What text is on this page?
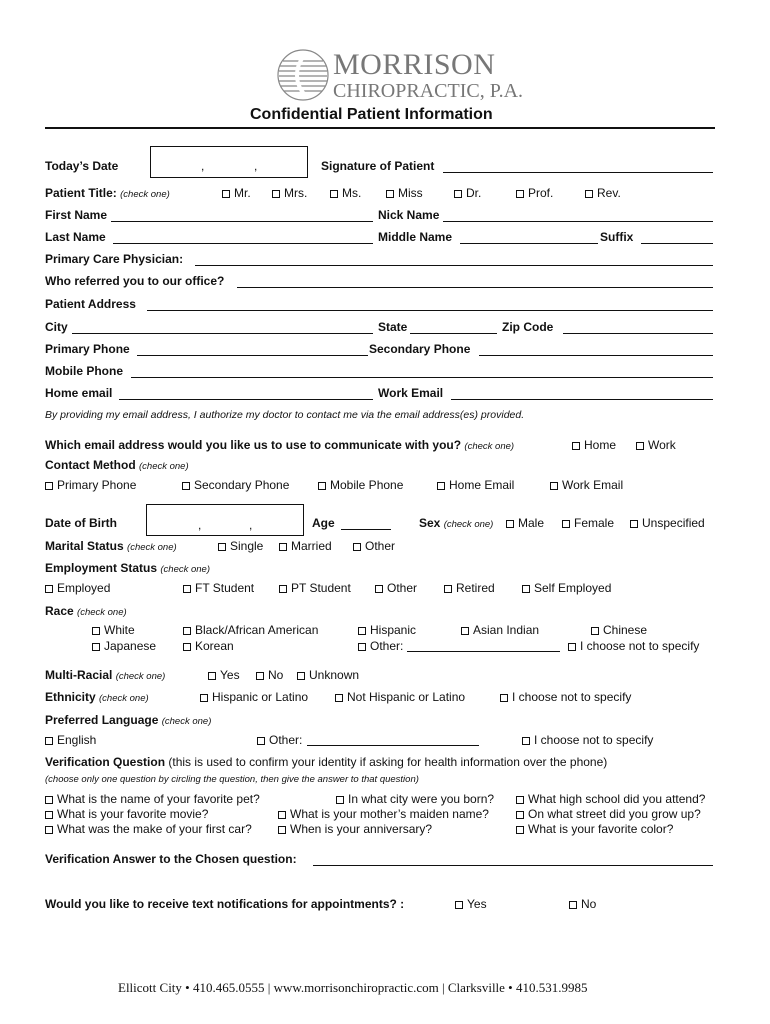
MORRISON
CHIROPRACTIC, P.A.
Confidential Patient Information
Today’s Date	,	,	Signature of Patient
Patient Title: (check one)	Mr.	Mrs.	Ms.	Miss	Dr.	Prof.	Rev.
First Name	Nick Name
Last Name	Middle Name	Suffix
Primary Care Physician:
Who referred you to our office?
Patient Address
City	State	Zip Code
Primary Phone	Secondary Phone
Mobile Phone
Home email	Work Email
By providing my email address, I authorize my doctor to contact me via the email address(es) provided.
Which email address would you like us to use to communicate with you? (check one)	Home	Work
Contact Method (check one)
Primary Phone	Secondary Phone	Mobile Phone	Home Email	Work Email
Date of Birth	,	,	Age	Sex (check one)	Male	Female	Unspecified
Marital Status (check one)	Single	Married	Other
Employment Status (check one)
Employed	FT Student	PT Student	Other	Retired	Self Employed
Race (check one)
White	Black/African American	Hispanic	Asian Indian	Chinese
Japanese	Korean	Other:	I choose not to specify
Multi-Racial (check one)	Yes	No	Unknown
Ethnicity (check one)	Hispanic or Latino	Not Hispanic or Latino	I choose not to specify
Preferred Language (check one)
English	Other:	I choose not to specify
Verification Question (this is used to confirm your identity if asking for health information over the phone)
(choose only one question by circling the question, then give the answer to that question)
What is the name of your favorite pet?	In what city were you born?	What high school did you attend?
What is your favorite movie?	What is your mother’s maiden name?	On what street did you grow up?
What was the make of your first car?	When is your anniversary?	What is your favorite color?
Verification Answer to the Chosen question:
Would you like to receive text notifications for appointments? :	Yes	No
Ellicott City • 410.465.0555 | www.morrisonchiropractic.com | Clarksville • 410.531.9985
